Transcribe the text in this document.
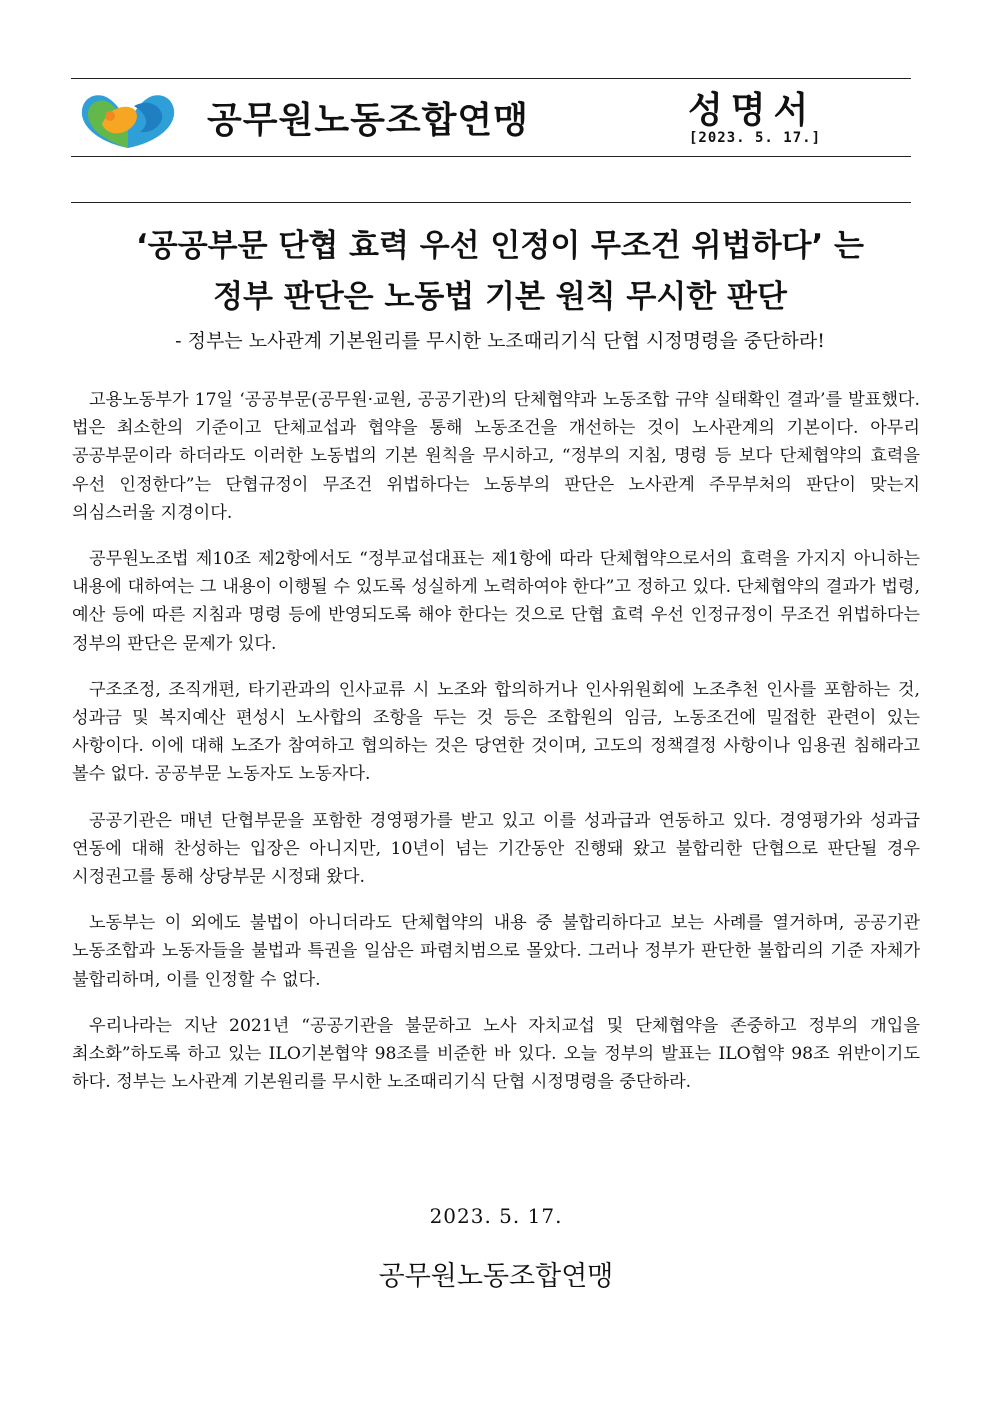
공무원노동조합연맹	성명서
[2023. 5. 17.]
‘공공부문 단협 효력 우선 인정이 무조건 위법하다’ 는
정부 판단은 노동법 기본 원칙 무시한 판단
- 정부는 노사관계 기본원리를 무시한 노조때리기식 단협 시정명령을 중단하라!

고용노동부가 17일 ‘공공부문(공무원·교원, 공공기관)의 단체협약과 노동조합 규약 실태확인 결과’를 발표했다. 법은 최소한의 기준이고 단체교섭과 협약을 통해 노동조건을 개선하는 것이 노사관계의 기본이다. 아무리 공공부문이라 하더라도 이러한 노동법의 기본 원칙을 무시하고, “정부의 지침, 명령 등 보다 단체협약의 효력을 우선 인정한다”는 단협규정이 무조건 위법하다는 노동부의 판단은 노사관계 주무부처의 판단이 맞는지 의심스러울 지경이다.

공무원노조법 제10조 제2항에서도 “정부교섭대표는 제1항에 따라 단체협약으로서의 효력을 가지지 아니하는 내용에 대하여는 그 내용이 이행될 수 있도록 성실하게 노력하여야 한다”고 정하고 있다. 단체협약의 결과가 법령, 예산 등에 따른 지침과 명령 등에 반영되도록 해야 한다는 것으로 단협 효력 우선 인정규정이 무조건 위법하다는 정부의 판단은 문제가 있다.

구조조정, 조직개편, 타기관과의 인사교류 시 노조와 합의하거나 인사위원회에 노조추천 인사를 포함하는 것, 성과금 및 복지예산 편성시 노사합의 조항을 두는 것 등은 조합원의 임금, 노동조건에 밀접한 관련이 있는 사항이다. 이에 대해 노조가 참여하고 협의하는 것은 당연한 것이며, 고도의 정책결정 사항이나 임용권 침해라고 볼수 없다. 공공부문 노동자도 노동자다.

공공기관은 매년 단협부문을 포함한 경영평가를 받고 있고 이를 성과급과 연동하고 있다. 경영평가와 성과급 연동에 대해 찬성하는 입장은 아니지만, 10년이 넘는 기간동안 진행돼 왔고 불합리한 단협으로 판단될 경우 시정권고를 통해 상당부문 시정돼 왔다.

노동부는 이 외에도 불법이 아니더라도 단체협약의 내용 중 불합리하다고 보는 사례를 열거하며, 공공기관 노동조합과 노동자들을 불법과 특권을 일삼은 파렴치범으로 몰았다. 그러나 정부가 판단한 불합리의 기준 자체가 불합리하며, 이를 인정할 수 없다.

우리나라는 지난 2021년 “공공기관을 불문하고 노사 자치교섭 및 단체협약을 존중하고 정부의 개입을 최소화”하도록 하고 있는 ILO기본협약 98조를 비준한 바 있다. 오늘 정부의 발표는 ILO협약 98조 위반이기도 하다. 정부는 노사관계 기본원리를 무시한 노조때리기식 단협 시정명령을 중단하라.

2023. 5. 17.
공무원노동조합연맹
